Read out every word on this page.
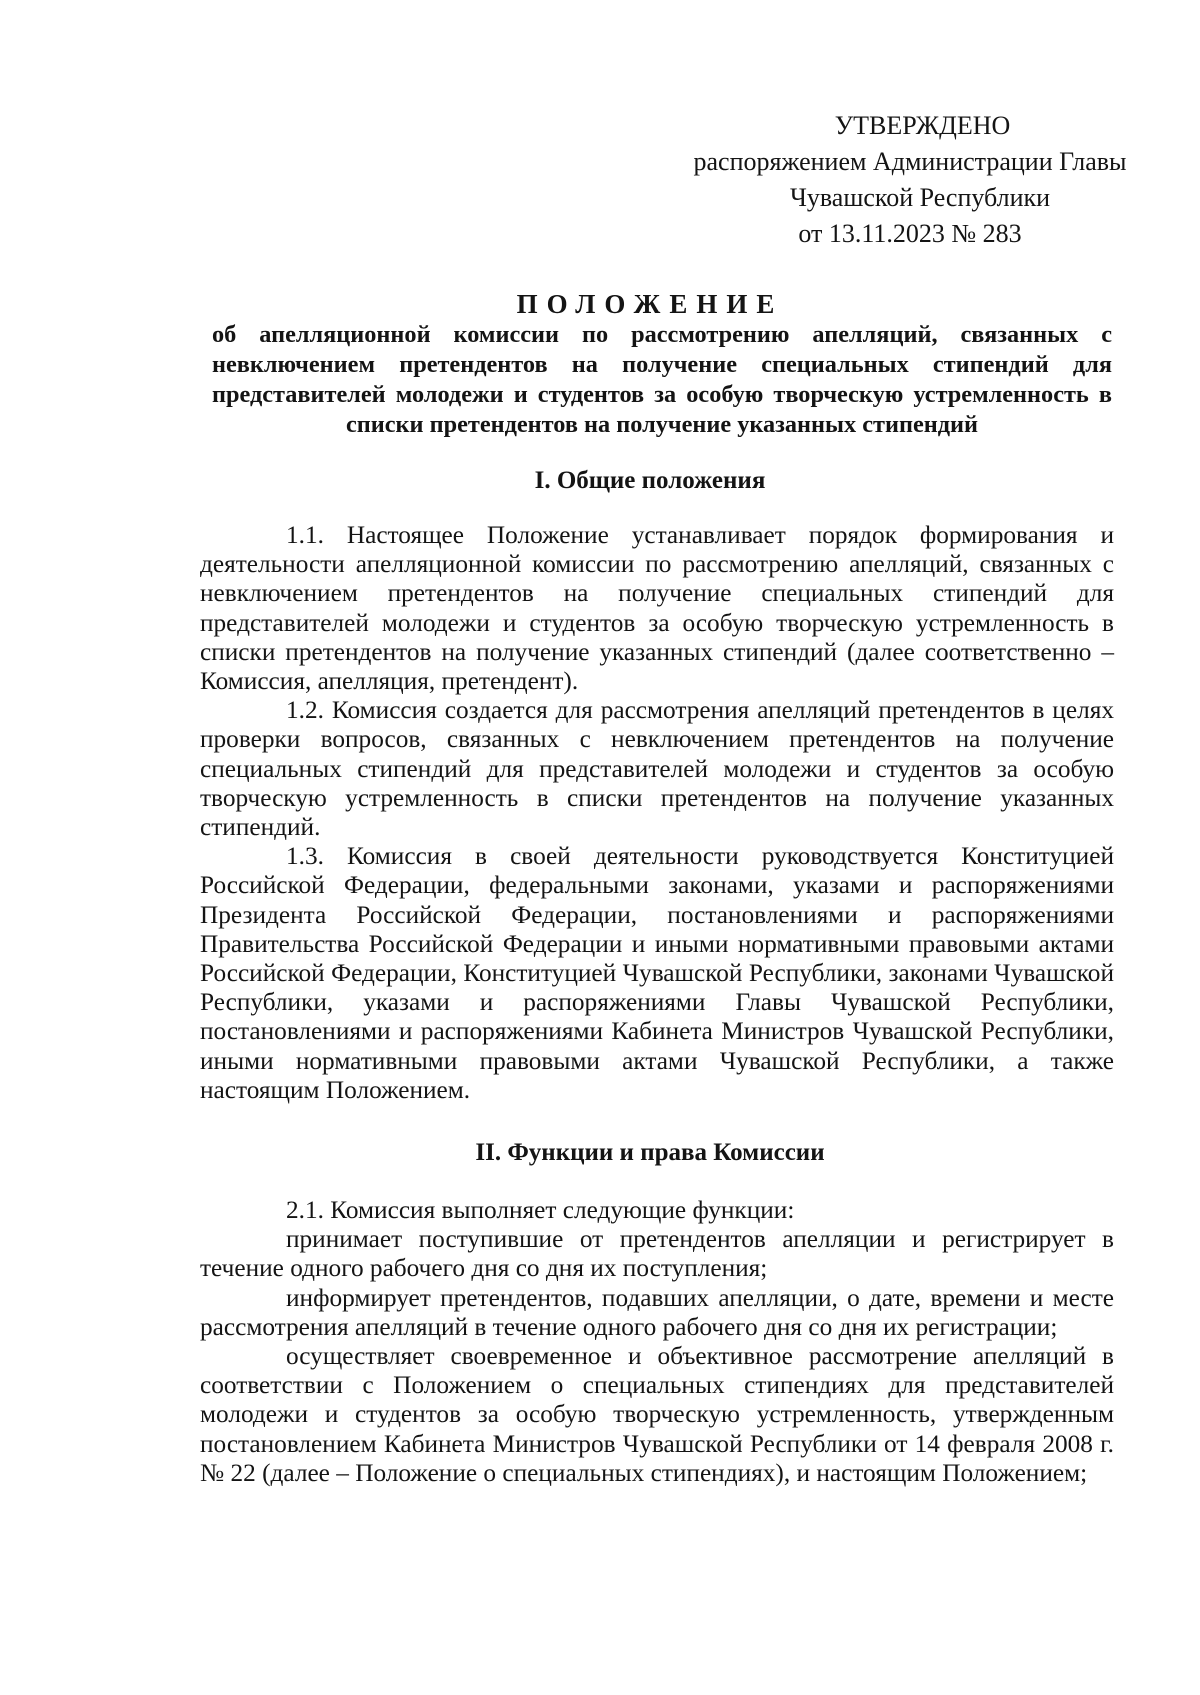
УТВЕРЖДЕНО
распоряжением Администрации Главы
Чувашской Республики
от 13.11.2023 № 283
ПОЛОЖЕНИЕ
об апелляционной комиссии по рассмотрению апелляций, связанных с невключением претендентов на получение специальных стипендий для представителей молодежи и студентов за особую творческую устремленность в списки претендентов на получение указанных стипендий
I. Общие положения

1.1. Настоящее Положение устанавливает порядок формирования и деятельности апелляционной комиссии по рассмотрению апелляций, связанных с невключением претендентов на получение специальных стипендий для представителей молодежи и студентов за особую творческую устремленность в списки претендентов на получение указанных стипендий (далее соответственно – Комиссия, апелляция, претендент).

1.2. Комиссия создается для рассмотрения апелляций претендентов в целях проверки вопросов, связанных с невключением претендентов на получение специальных стипендий для представителей молодежи и студентов за особую творческую устремленность в списки претендентов на получение указанных стипендий.

1.3. Комиссия в своей деятельности руководствуется Конституцией Российской Федерации, федеральными законами, указами и распоряжениями Президента Российской Федерации, постановлениями и распоряжениями Правительства Российской Федерации и иными нормативными правовыми актами Российской Федерации, Конституцией Чувашской Республики, законами Чувашской Республики, указами и распоряжениями Главы Чувашской Республики, постановлениями и распоряжениями Кабинета Министров Чувашской Республики, иными нормативными правовыми актами Чувашской Республики, а также настоящим Положением.

II. Функции и права Комиссии

2.1. Комиссия выполняет следующие функции:

принимает поступившие от претендентов апелляции и регистрирует в течение одного рабочего дня со дня их поступления;

информирует претендентов, подавших апелляции, о дате, времени и месте рассмотрения апелляций в течение одного рабочего дня со дня их регистрации;

осуществляет своевременное и объективное рассмотрение апелляций в соответствии с Положением о специальных стипендиях для представителей молодежи и студентов за особую творческую устремленность, утвержденным постановлением Кабинета Министров Чувашской Республики от 14 февраля 2008 г. № 22 (далее – Положение о специальных стипендиях), и настоящим Положением;
